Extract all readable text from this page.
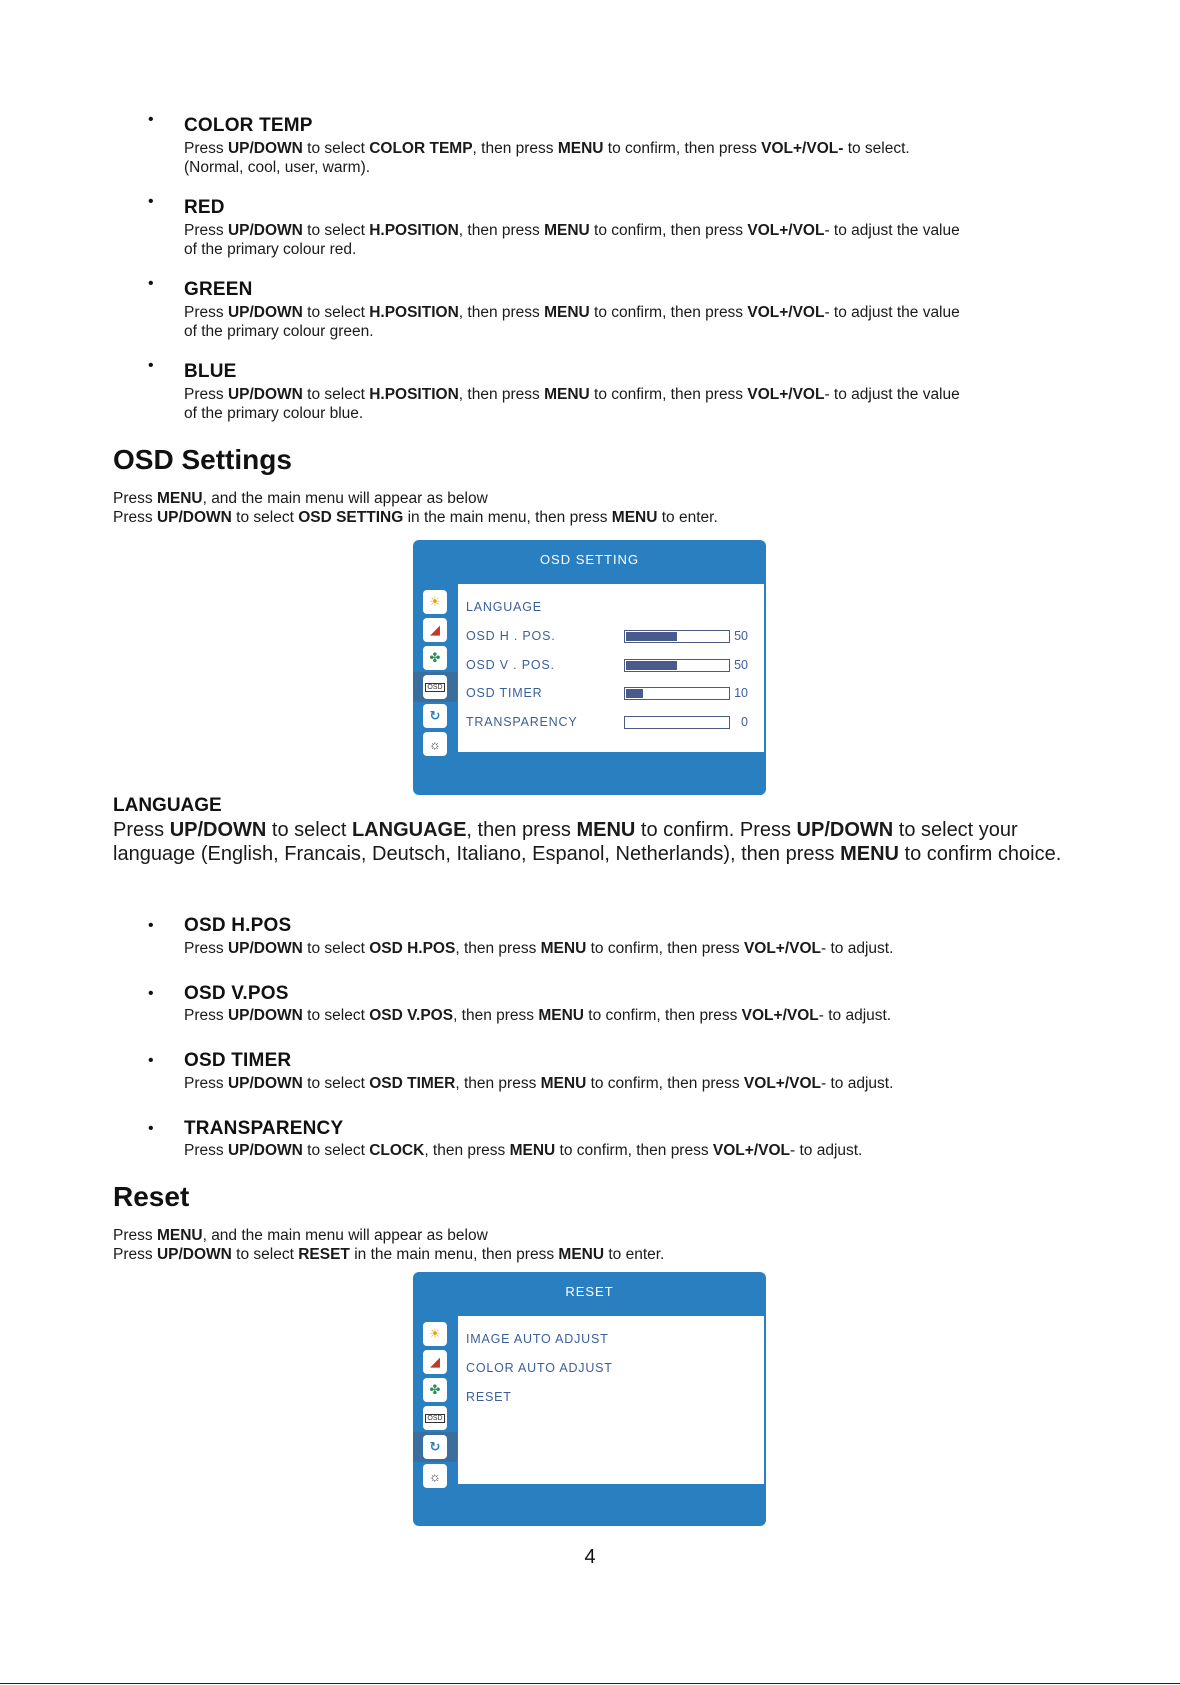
• COLOR TEMP
Press UP/DOWN to select COLOR TEMP, then press MENU to confirm, then press VOL+/VOL- to select.
(Normal, cool, user, warm).
• RED
Press UP/DOWN to select H.POSITION, then press MENU to confirm, then press VOL+/VOL- to adjust the value
of the primary colour red.
• GREEN
Press UP/DOWN to select H.POSITION, then press MENU to confirm, then press VOL+/VOL- to adjust the value
of the primary colour green.
• BLUE
Press UP/DOWN to select H.POSITION, then press MENU to confirm, then press VOL+/VOL- to adjust the value
of the primary colour blue.
OSD Settings
Press MENU, and the main menu will appear as below
Press UP/DOWN to select OSD SETTING in the main menu, then press MENU to enter.
OSD SETTING
☀
◢
✤
OSD
↻
☼
LANGUAGE
OSD H . POS.	50
OSD V . POS.	50
OSD TIMER	10
TRANSPARENCY	0
LANGUAGE
Press UP/DOWN to select LANGUAGE, then press MENU to confirm. Press UP/DOWN to select your language (English, Francais, Deutsch, Italiano, Espanol, Netherlands), then press MENU to confirm choice.
• OSD H.POS
Press UP/DOWN to select OSD H.POS, then press MENU to confirm, then press VOL+/VOL- to adjust.
• OSD V.POS
Press UP/DOWN to select OSD V.POS, then press MENU to confirm, then press VOL+/VOL- to adjust.
• OSD TIMER
Press UP/DOWN to select OSD TIMER, then press MENU to confirm, then press VOL+/VOL- to adjust.
• TRANSPARENCY
Press UP/DOWN to select CLOCK, then press MENU to confirm, then press VOL+/VOL- to adjust.
Reset
Press MENU, and the main menu will appear as below
Press UP/DOWN to select RESET in the main menu, then press MENU to enter.
RESET
☀
◢
✤
OSD
↻
☼
IMAGE AUTO ADJUST
COLOR AUTO ADJUST
RESET
4
